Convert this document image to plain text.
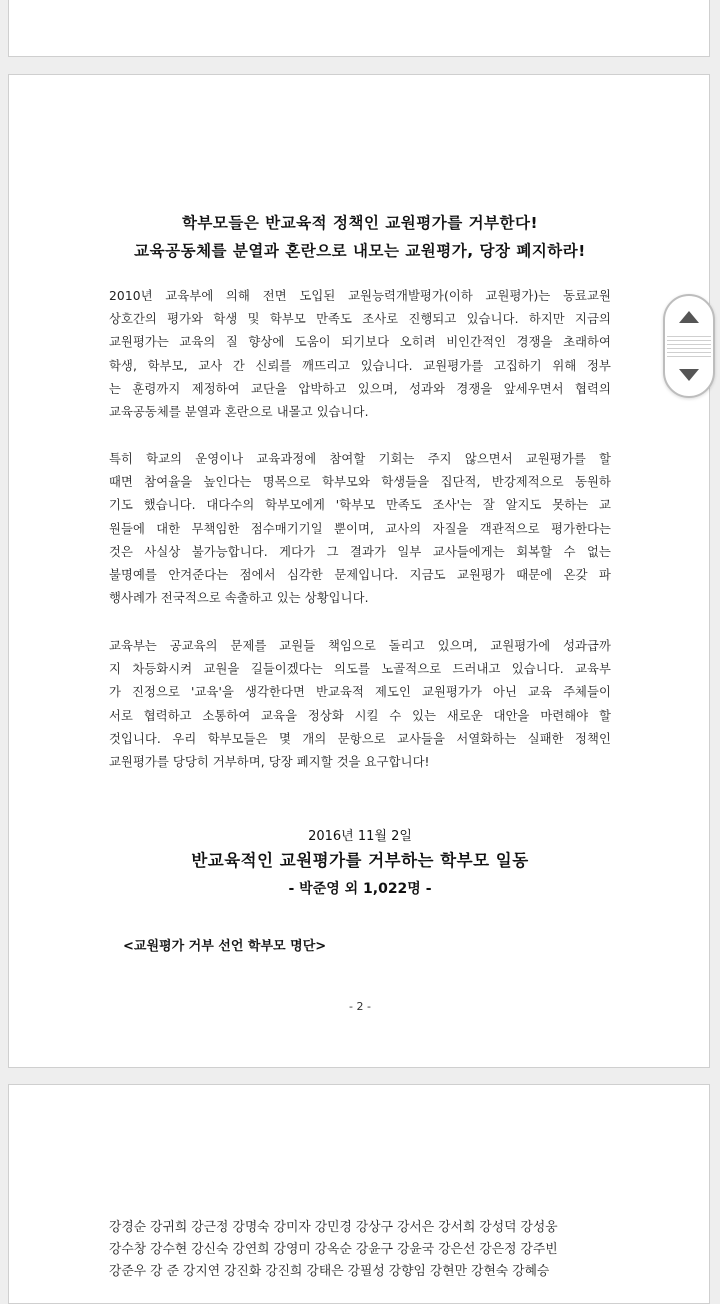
학부모들은 반교육적 정책인 교원평가를 거부한다!
교육공동체를 분열과 혼란으로 내모는 교원평가, 당장 폐지하라!
2010년 교육부에 의해 전면 도입된 교원능력개발평가(이하 교원평가)는 동료교원
상호간의 평가와 학생 및 학부모 만족도 조사로 진행되고 있습니다. 하지만 지금의
교원평가는 교육의 질 향상에 도움이 되기보다 오히려 비인간적인 경쟁을 초래하여
학생, 학부모, 교사 간 신뢰를 깨뜨리고 있습니다. 교원평가를 고집하기 위해 정부
는 훈령까지 제정하여 교단을 압박하고 있으며, 성과와 경쟁을 앞세우면서 협력의
교육공동체를 분열과 혼란으로 내몰고 있습니다.
특히 학교의 운영이나 교육과정에 참여할 기회는 주지 않으면서 교원평가를 할
때면 참여율을 높인다는 명목으로 학부모와 학생들을 집단적, 반강제적으로 동원하
기도 했습니다. 대다수의 학부모에게 '학부모 만족도 조사'는 잘 알지도 못하는 교
원들에 대한 무책임한 점수매기기일 뿐이며, 교사의 자질을 객관적으로 평가한다는
것은 사실상 불가능합니다. 게다가 그 결과가 일부 교사들에게는 회복할 수 없는
불명예를 안겨준다는 점에서 심각한 문제입니다. 지금도 교원평가 때문에 온갖 파
행사례가 전국적으로 속출하고 있는 상황입니다.
교육부는 공교육의 문제를 교원들 책임으로 돌리고 있으며, 교원평가에 성과급까
지 차등화시켜 교원을 길들이겠다는 의도를 노골적으로 드러내고 있습니다. 교육부
가 진정으로 '교육'을 생각한다면 반교육적 제도인 교원평가가 아닌 교육 주체들이
서로 협력하고 소통하여 교육을 정상화 시킬 수 있는 새로운 대안을 마련해야 할
것입니다. 우리 학부모들은 몇 개의 문항으로 교사들을 서열화하는 실패한 정책인
교원평가를 당당히 거부하며, 당장 폐지할 것을 요구합니다!
2016년 11월 2일
반교육적인 교원평가를 거부하는 학부모 일동
- 박준영 외 1,022명 -
<교원평가 거부 선언 학부모 명단>
- 2 -
강경순 강귀희 강근정 강명숙 강미자 강민경 강상구 강서은 강서희 강성덕 강성웅
강수창 강수현 강신숙 강연희 강영미 강옥순 강윤구 강윤국 강은선 강은정 강주빈
강준우 강 준 강지연 강진화 강진희 강태은 강필성 강향임 강현만 강현숙 강혜승
